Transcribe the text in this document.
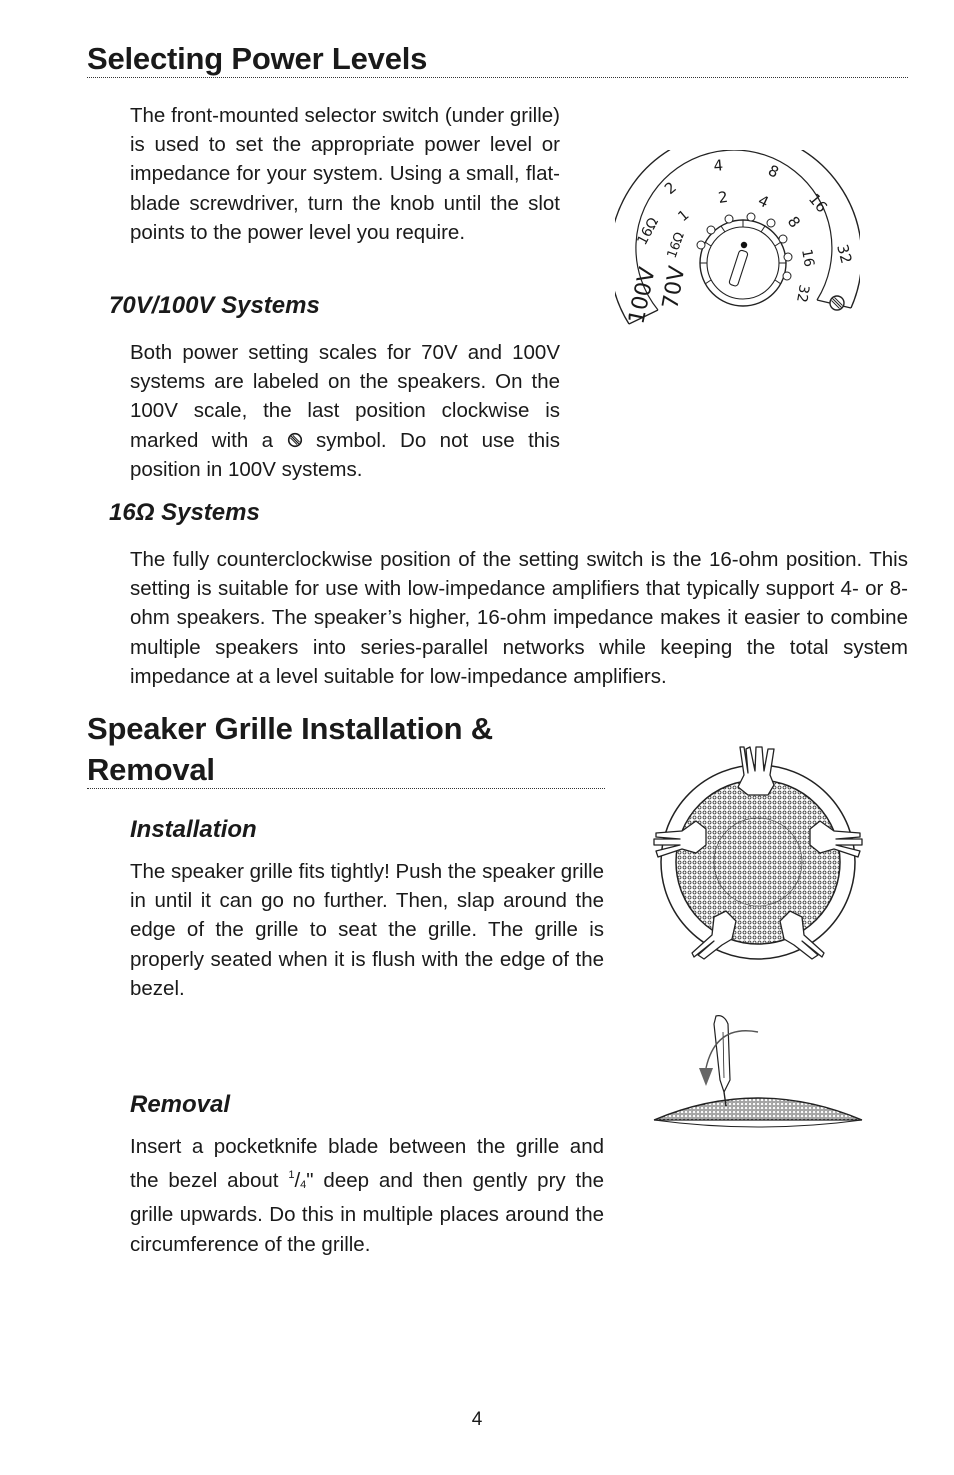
Selecting Power Levels

The front-mounted selector switch (under grille) is used to set the appropriate power level or impedance for your system. Using a small, flat-blade screwdriver, turn the knob until the slot points to the power level you require.

70V/100V Systems

Both power setting scales for 70V and 100V systems are labeled on the speakers. On the 100V scale, the last position clockwise is marked with a symbol. Do not use this position in 100V systems.

16Ω Systems

The fully counterclockwise position of the setting switch is the 16-ohm position. This setting is suitable for use with low-impedance amplifiers that typically support 4- or 8-ohm speakers. The speaker’s higher, 16-ohm impedance makes it easier to combine multiple speakers into series-parallel networks while keeping the total system impedance at a level suitable for low-impedance amplifiers.

100V
70V
16Ω
2
4	8
16
32
16Ω
1
2 4
8
16
32
Speaker Grille Installation &
Removal
Installation

The speaker grille fits tightly! Push the speaker grille in until it can go no further. Then, slap around the edge of the grille to seat the grille. The grille is properly seated when it is flush with the edge of the bezel.

Removal

Insert a pocketknife blade between the grille and the bezel about $^1/_4$" deep and then gently pry the grille upwards. Do this in multiple places around the circumference of the grille.

4
